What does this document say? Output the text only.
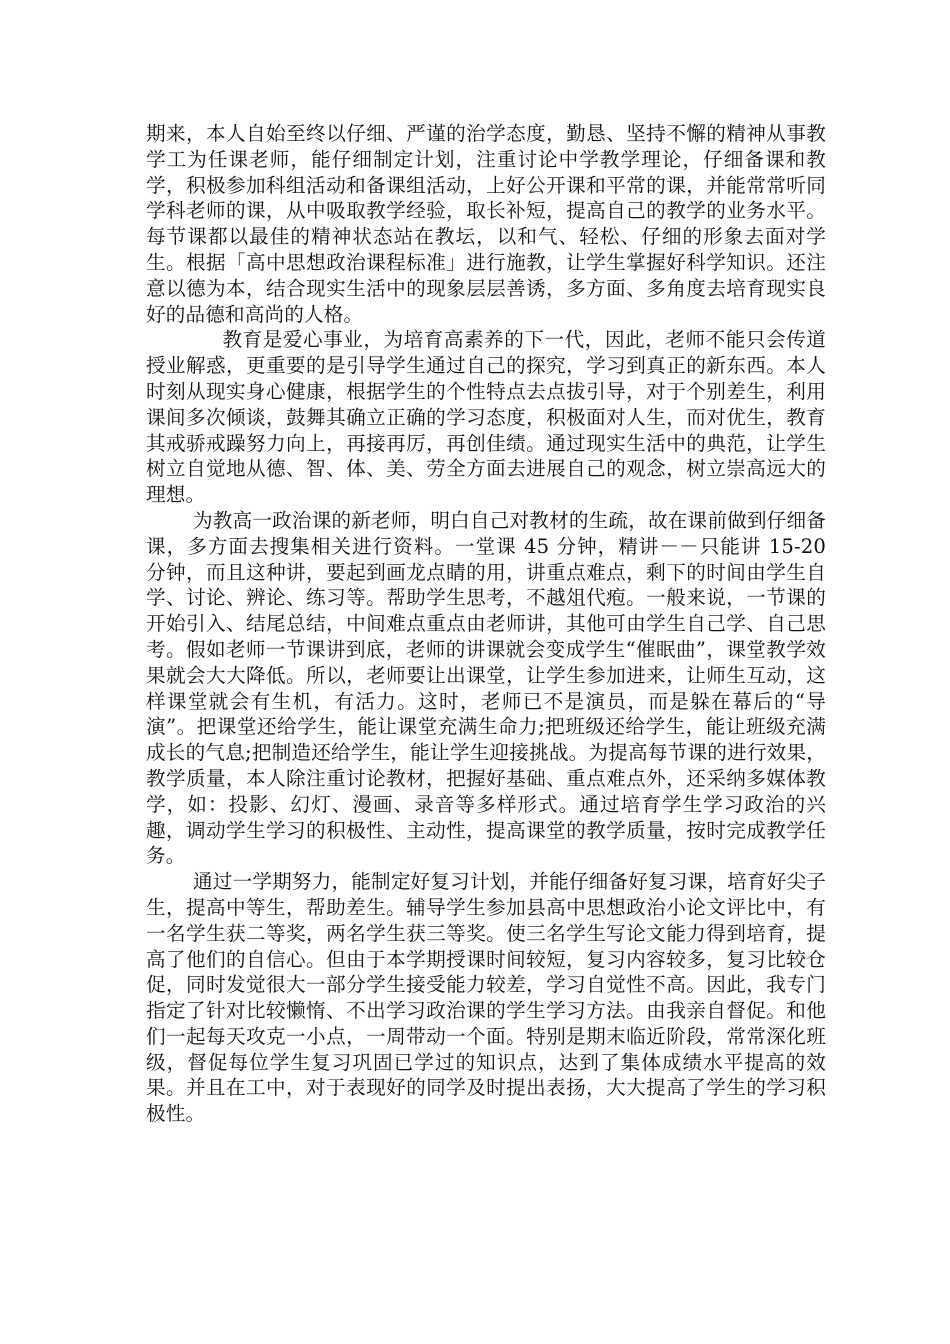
期来，本人自始至终以仔细、严谨的治学态度，勤恳、坚持不懈的精神从事教学工为任课老师，能仔细制定计划，注重讨论中学教学理论，仔细备课和教学，积极参加科组活动和备课组活动，上好公开课和平常的课，并能常常听同学科老师的课，从中吸取教学经验，取长补短，提高自己的教学的业务水平。每节课都以最佳的精神状态站在教坛，以和气、轻松、仔细的形象去面对学生。根据「高中思想政治课程标准」进行施教，让学生掌握好科学知识。还注意以德为本，结合现实生活中的现象层层善诱，多方面、多角度去培育现实良好的品德和高尚的人格。

教育是爱心事业，为培育高素养的下一代，因此，老师不能只会传道授业解惑，更重要的是引导学生通过自己的探究，学习到真正的新东西。本人时刻从现实身心健康，根据学生的个性特点去点拔引导，对于个别差生，利用课间多次倾谈，鼓舞其确立正确的学习态度，积极面对人生，而对优生，教育其戒骄戒躁努力向上，再接再厉，再创佳绩。通过现实生活中的典范，让学生树立自觉地从德、智、体、美、劳全方面去进展自己的观念，树立崇高远大的理想。

为教高一政治课的新老师，明白自己对教材的生疏，故在课前做到仔细备课，多方面去搜集相关进行资料。一堂课 45 分钟，精讲－－只能讲 15-20 分钟，而且这种讲，要起到画龙点睛的用，讲重点难点，剩下的时间由学生自学、讨论、辨论、练习等。帮助学生思考，不越俎代疱。一般来说，一节课的开始引入、结尾总结，中间难点重点由老师讲，其他可由学生自己学、自己思考。假如老师一节课讲到底，老师的讲课就会变成学生“催眠曲”，课堂教学效果就会大大降低。所以，老师要让出课堂，让学生参加进来，让师生互动，这样课堂就会有生机，有活力。这时，老师已不是演员，而是躲在幕后的“导演”。把课堂还给学生，能让课堂充满生命力;把班级还给学生，能让班级充满成长的气息;把制造还给学生，能让学生迎接挑战。为提高每节课的进行效果，教学质量，本人除注重讨论教材，把握好基础、重点难点外，还采纳多媒体教学，如：投影、幻灯、漫画、录音等多样形式。通过培育学生学习政治的兴趣，调动学生学习的积极性、主动性，提高课堂的教学质量，按时完成教学任务。

通过一学期努力，能制定好复习计划，并能仔细备好复习课，培育好尖子生，提高中等生，帮助差生。辅导学生参加县高中思想政治小论文评比中，有一名学生获二等奖，两名学生获三等奖。使三名学生写论文能力得到培育，提高了他们的自信心。但由于本学期授课时间较短，复习内容较多，复习比较仓促，同时发觉很大一部分学生接受能力较差，学习自觉性不高。因此，我专门指定了针对比较懒惰、不出学习政治课的学生学习方法。由我亲自督促。和他们一起每天攻克一小点，一周带动一个面。特别是期末临近阶段，常常深化班级，督促每位学生复习巩固已学过的知识点，达到了集体成绩水平提高的效果。并且在工中，对于表现好的同学及时提出表扬，大大提高了学生的学习积极性。
